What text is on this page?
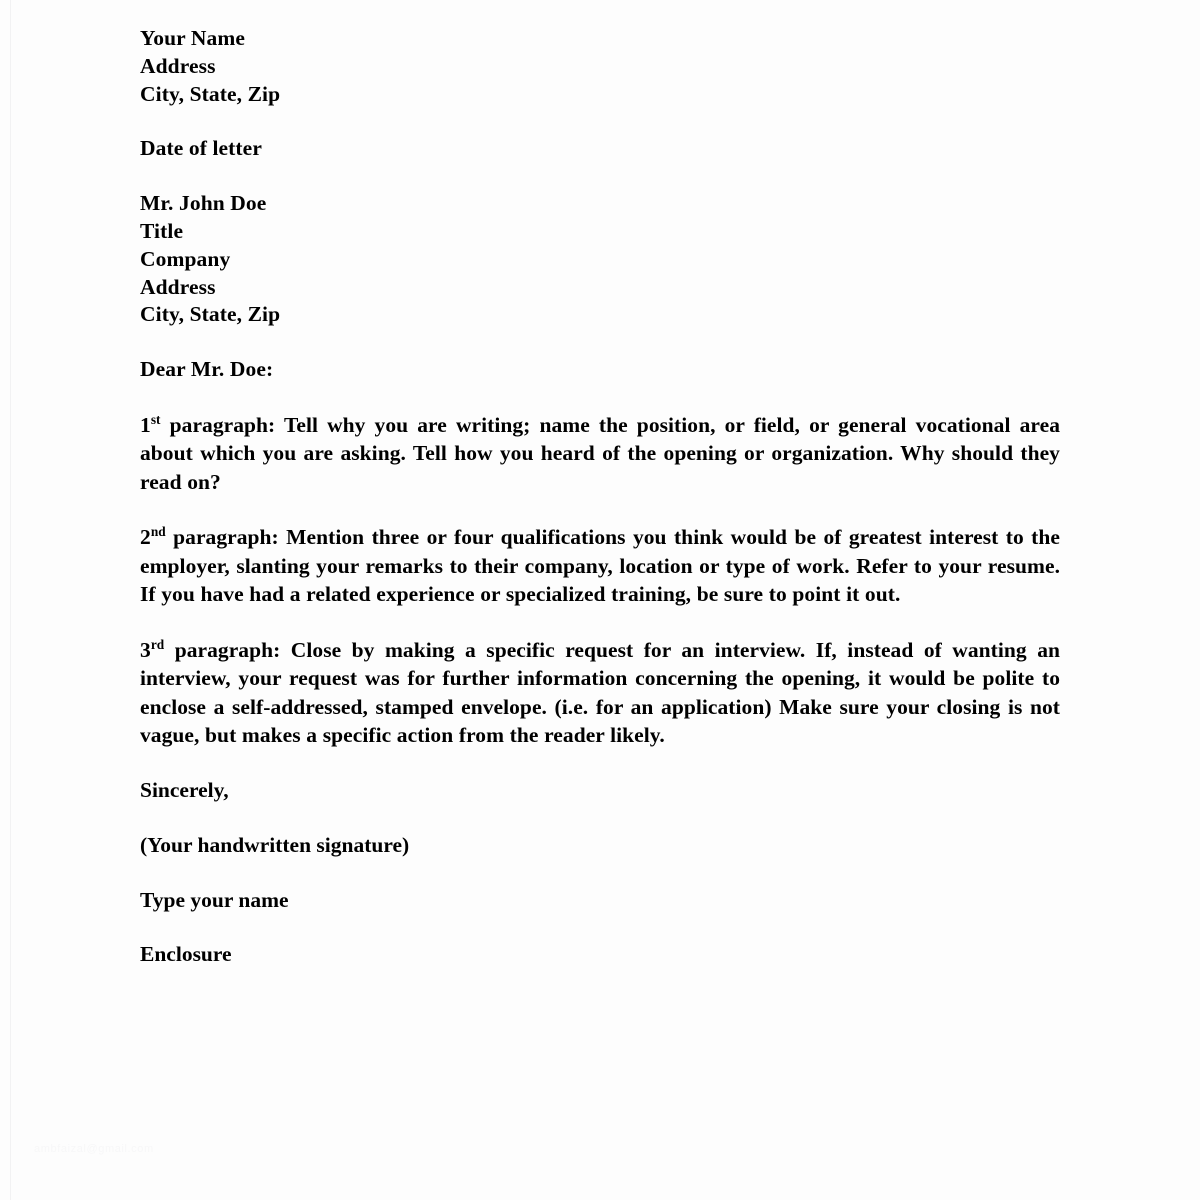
Your Name
Address
City, State, Zip
Date of letter
Mr. John Doe
Title
Company
Address
City, State, Zip
Dear Mr. Doe:

1st paragraph: Tell why you are writing; name the position, or field, or general vocational area about which you are asking. Tell how you heard of the opening or organization. Why should they read on?

2nd paragraph: Mention three or four qualifications you think would be of greatest interest to the employer, slanting your remarks to their company, location or type of work. Refer to your resume. If you have had a related experience or specialized training, be sure to point it out.

3rd paragraph: Close by making a specific request for an interview. If, instead of wanting an interview, your request was for further information concerning the opening, it would be polite to enclose a self-addressed, stamped envelope. (i.e. for an application) Make sure your closing is not vague, but makes a specific action from the reader likely.

Sincerely,
(Your handwritten signature)
Type your name
Enclosure
ambfaizal@gmail.com
